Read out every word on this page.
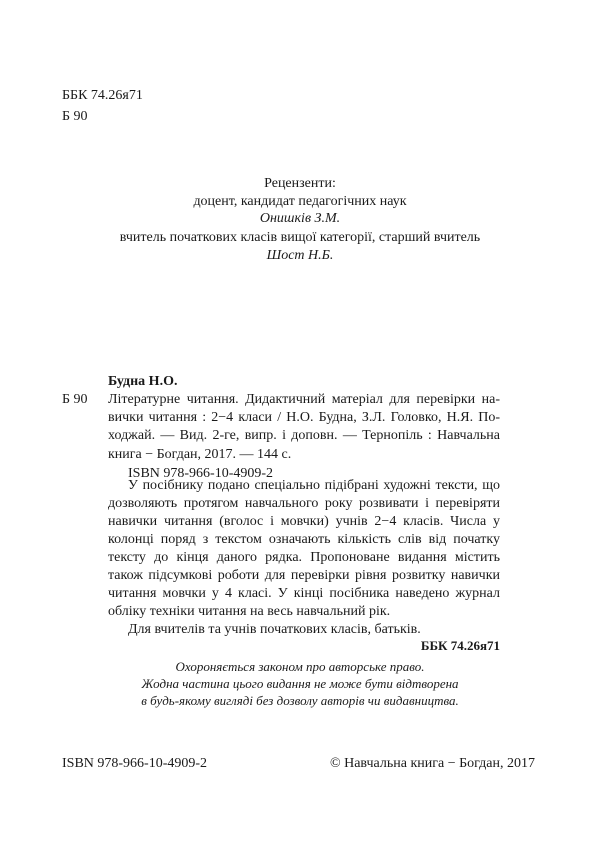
ББК 74.26я71
Б 90
Рецензенти:
доцент, кандидат педагогічних наук
Онишків З.М.
вчитель початкових класів вищої категорії, старший вчитель
Шост Н.Б.
Будна Н.О.
Б 90 Літературне читання. Дидактичний матеріал для перевірки на-
вички читання : 2−4 класи / Н.О. Будна, З.Л. Головко, Н.Я. По-
ходжай. — Вид. 2-ге, випр. і доповн. — Тернопіль : Навчальна
книга − Богдан, 2017. — 144 с.
ISBN 978-966-10-4909-2
У посібнику подано спеціально підібрані художні тексти, що
дозволяють протягом навчального року розвивати і перевіряти
навички читання (вголос і мовчки) учнів 2−4 класів. Числа у
колонці поряд з текстом означають кількість слів від початку
тексту до кінця даного рядка. Пропоноване видання містить
також підсумкові роботи для перевірки рівня розвитку навички
читання мовчки у 4 класі. У кінці посібника наведено журнал
обліку техніки читання на весь навчальний рік.
Для вчителів та учнів початкових класів, батьків.
ББК 74.26я71
Охороняється законом про авторське право.
Жодна частина цього видання не може бути відтворена
в будь-якому вигляді без дозволу авторів чи видавництва.
ISBN 978-966-10-4909-2	© Навчальна книга − Богдан, 2017
